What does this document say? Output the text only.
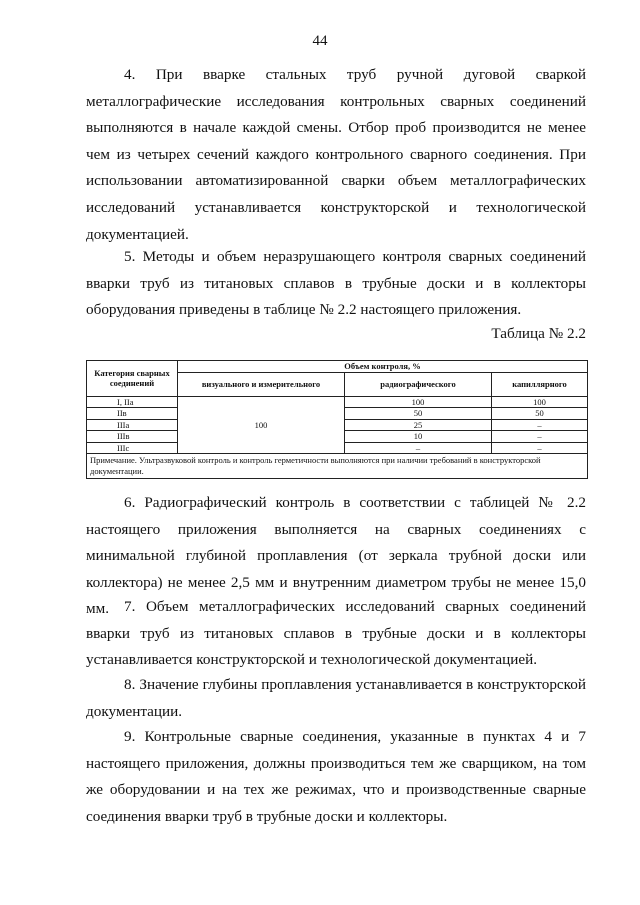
44

4. При вварке стальных труб ручной дуговой сваркой металлографические исследования контрольных сварных соединений выполняются в начале каждой смены. Отбор проб производится не менее чем из четырех сечений каждого контрольного сварного соединения. При использовании автоматизированной сварки объем металлографических исследований устанавливается конструкторской и технологической документацией.

5. Методы и объем неразрушающего контроля сварных соединений вварки труб из титановых сплавов в трубные доски и в коллекторы оборудования приведены в таблице № 2.2 настоящего приложения.

Таблица № 2.2
Категория сварных соединений	Объем контроля, %		
	визуального и измерительного	радиографического	капиллярного
I, IIa	100	100	100
IIв		50	50
IIIa		25	–
IIIв		10	–
IIIс		–	–
Примечание. Ультразвуковой контроль и контроль герметичности выполняются при наличии требований в конструкторской документации.			

6. Радиографический контроль в соответствии с таблицей № 2.2 настоящего приложения выполняется на сварных соединениях с минимальной глубиной проплавления (от зеркала трубной доски или коллектора) не менее 2,5 мм и внутренним диаметром трубы не менее 15,0 мм. 7. Объем металлографических исследований сварных соединений вварки труб из титановых сплавов в трубные доски и в коллекторы устанавливается конструкторской и технологической документацией.

8. Значение глубины проплавления устанавливается в конструкторской документации.

9. Контрольные сварные соединения, указанные в пунктах 4 и 7 настоящего приложения, должны производиться тем же сварщиком, на том же оборудовании и на тех же режимах, что и производственные сварные соединения вварки труб в трубные доски и коллекторы.
